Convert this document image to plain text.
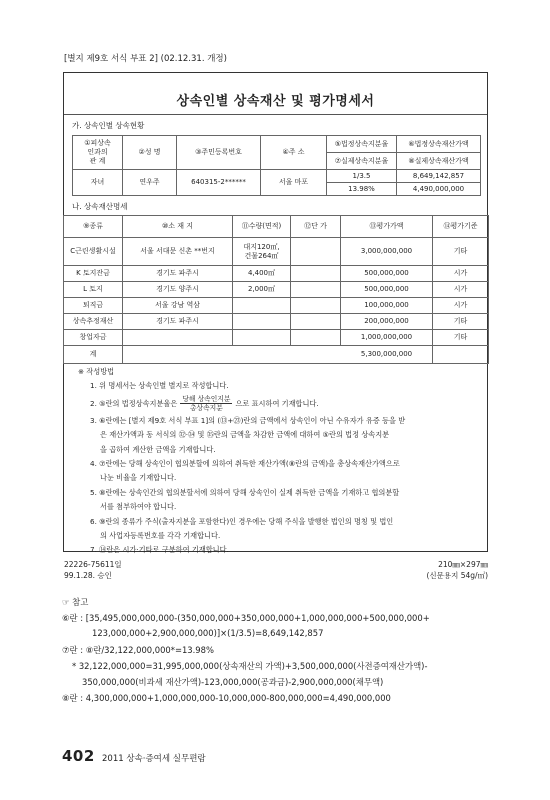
[별지 제9호 서식 부표 2] (02.12.31. 개정)
상속인별 상속재산 및 평가명세서
가. 상속인별 상속현황
①피상속
인과의
관 계	②성 명	③주민등록번호	④주 소	⑤법정상속지분율	⑥법정상속재산가액
				⑦실제상속지분율	⑧실제상속재산가액
자녀	연우주	640315-2******	서울 마포	1/3.5	8,649,142,857
				13.98%	4,490,000,000
나. 상속재산명세
⑨종류	⑩소 재 지	⑪수량(면적)	⑫단 가	⑬평가가액	⑭평가기준
C근린생활시설	서울 서대문 신촌 **번지	대지120㎡,
건물264㎡		3,000,000,000	기타
K 토지잔금	경기도 파주시	4,400㎡		500,000,000	시가
L 토지	경기도 양주시	2,000㎡		500,000,000	시가
퇴직금	서울 강남 역삼			100,000,000	시가
상속추정재산	경기도 파주시			200,000,000	기타
창업자금				1,000,000,000	기타
계				5,300,000,000	
※ 작성방법
1. 위 명세서는 상속인별 별지로 작성합니다.
2. ⑤란의 법정상속지분율은 $\frac{\text{당해 상속인지분}}{\text{총상속지분}}$ 으로 표시하여 기재합니다.
3. ⑥란에는 [별지 제9호 서식 부표 1]의 (⑬+㉓)란의 금액에서 상속인이 아닌 수유자가 유증 등을 받
은 재산가액과 동 서식의 ㉜·㉞ 및 ㉟란의 금액을 차감한 금액에 대하여 ⑤란의 법정 상속지분
을 곱하여 계산한 금액을 기재합니다.
4. ⑦란에는 당해 상속인이 협의분할에 의하여 취득한 재산가액(⑧란의 금액)을 총상속재산가액으로
나눈 비율을 기재합니다.
5. ⑧란에는 상속인간의 협의분할서에 의하여 당해 상속인이 실제 취득한 금액을 기재하고 협의분할
서를 첨부하여야 합니다.
6. ⑨란의 종류가 주식(출자지분을 포함한다)인 경우에는 당해 주식을 발행한 법인의 명칭 및 법인
의 사업자등록번호를 각각 기재합니다.
7. ⑭란은 시가·기타로 구분하여 기재합니다.
22226-75611일
99.1.28. 승인
210㎜×297㎜
(신문용지 54g/㎡)
☞ 참고
⑥란 : [35,495,000,000,000-(350,000,000+350,000,000+1,000,000,000+500,000,000+
123,000,000+2,900,000,000)]×(1/3.5)=8,649,142,857
⑦란 : ⑧란/32,122,000,000*=13.98%
* 32,122,000,000=31,995,000,000(상속재산의 가액)+3,500,000,000(사전증여재산가액)-
350,000,000(비과세 재산가액)-123,000,000(공과금)-2,900,000,000(채무액)
⑧란 : 4,300,000,000+1,000,000,000-10,000,000-800,000,000=4,490,000,000
402 2011 상속·증여세 실무편람
